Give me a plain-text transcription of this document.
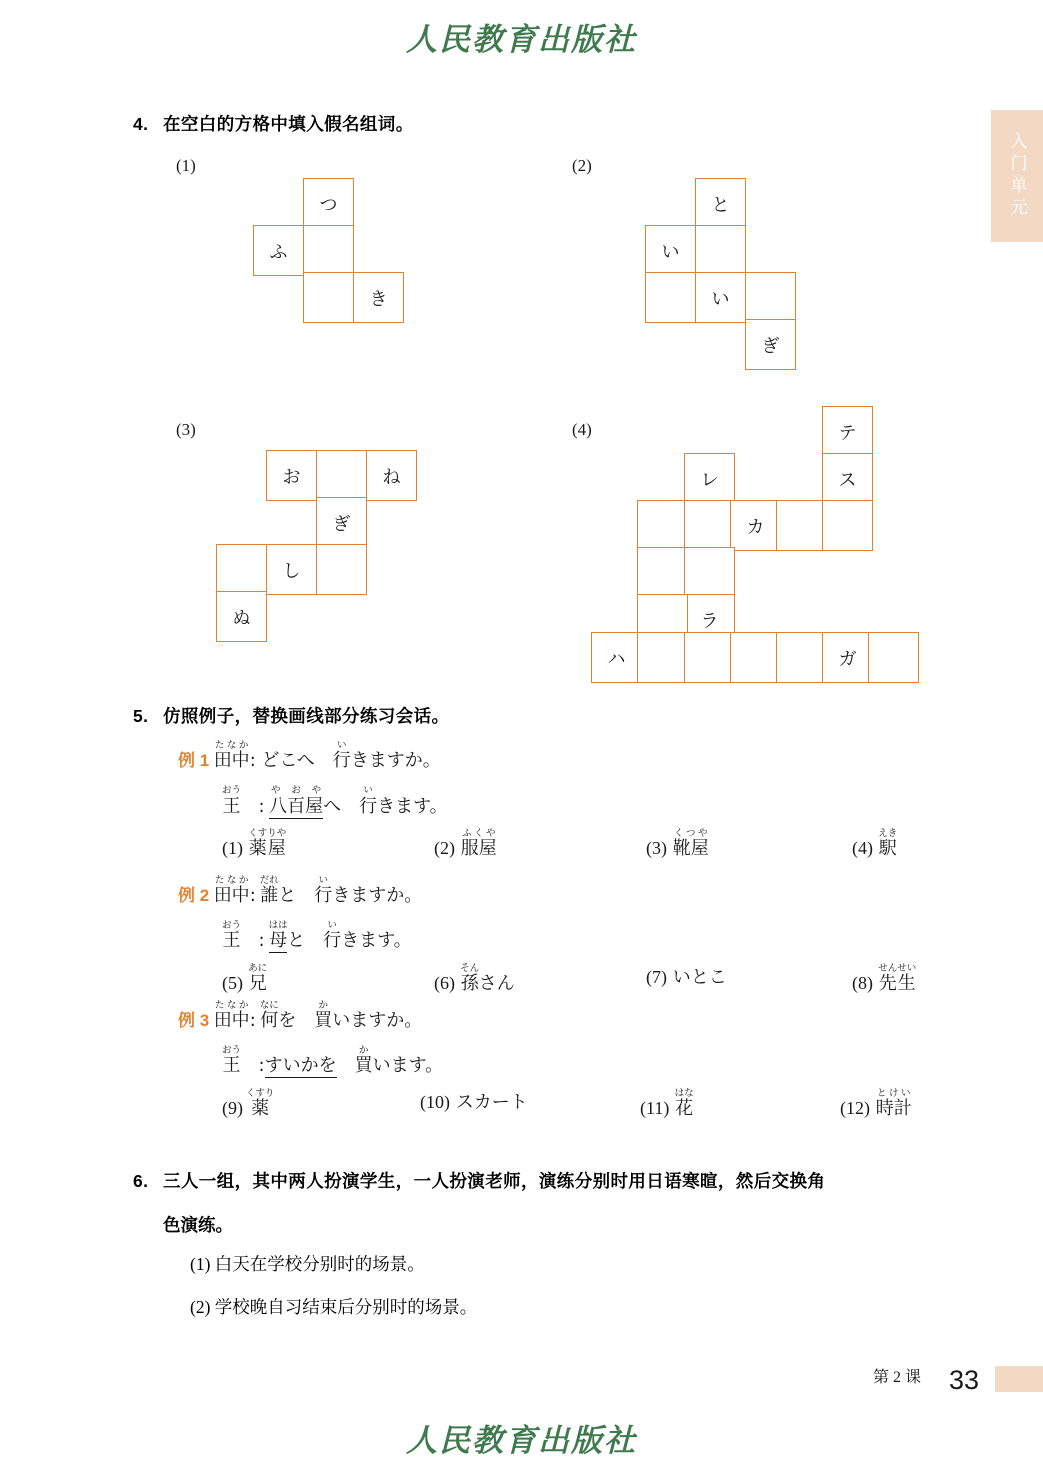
人民教育出版社
入门单元
4. 在空白的方格中填入假名组词。
(1)
つ
ふ
き
(2)
と
い
い
ぎ
(3)
お	ね
ぎ
し
ぬ
(4)	テ
レ	ス
カ
ラ
ハ	ガ
5. 仿照例子，替换画线部分练习会话。
例 1 田中たなか: どこへ　行いきますか。
王おう　: 八百屋や お やへ　行いきます。
(1) 薬屋くすりや
(2) 服屋ふくや
(3) 靴屋くつや
(4) 駅えき
例 2 田中たなか: 誰だれと　行いきますか。
王おう　: 母ははと　行いきます。
(5) 兄あに
(6) 孫そんさん	(7) いとこ	(8) 先生せんせい
例 3 田中たなか: 何なにを　買かいますか。
王おう　:すいかを　 買かいます。
(9) 薬くすり	(10) スカート	(11) 花はな
(12) 時計とけい
6. 三人一组，其中两人扮演学生，一人扮演老师，演练分别时用日语寒暄，然后交换角
色演练。
(1) 白天在学校分别时的场景。
(2) 学校晚自习结束后分别时的场景。
第 2 课 33
人民教育出版社
